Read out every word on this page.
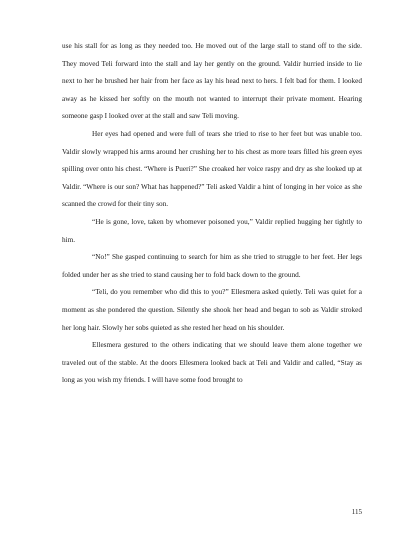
use his stall for as long as they needed too. He moved out of the large stall to stand off to the side. They moved Teli forward into the stall and lay her gently on the ground. Valdir hurried inside to lie next to her he brushed her hair from her face as lay his head next to hers. I felt bad for them. I looked away as he kissed her softly on the mouth not wanted to interrupt their private moment. Hearing someone gasp I looked over at the stall and saw Teli moving.

Her eyes had opened and were full of tears she tried to rise to her feet but was unable too. Valdir slowly wrapped his arms around her crushing her to his chest as more tears filled his green eyes spilling over onto his chest. “Where is Pueri?” She croaked her voice raspy and dry as she looked up at Valdir. “Where is our son? What has happened?” Teli asked Valdir a hint of longing in her voice as she scanned the crowd for their tiny son.

“He is gone, love, taken by whomever poisoned you,” Valdir replied hugging her tightly to him.

“No!” She gasped continuing to search for him as she tried to struggle to her feet. Her legs folded under her as she tried to stand causing her to fold back down to the ground.

“Teli, do you remember who did this to you?” Ellesmera asked quietly. Teli was quiet for a moment as she pondered the question. Silently she shook her head and began to sob as Valdir stroked her long hair. Slowly her sobs quieted as she rested her head on his shoulder.

Ellesmera gestured to the others indicating that we should leave them alone together we traveled out of the stable. At the doors Ellesmera looked back at Teli and Valdir and called, “Stay as long as you wish my friends. I will have some food brought to

115
